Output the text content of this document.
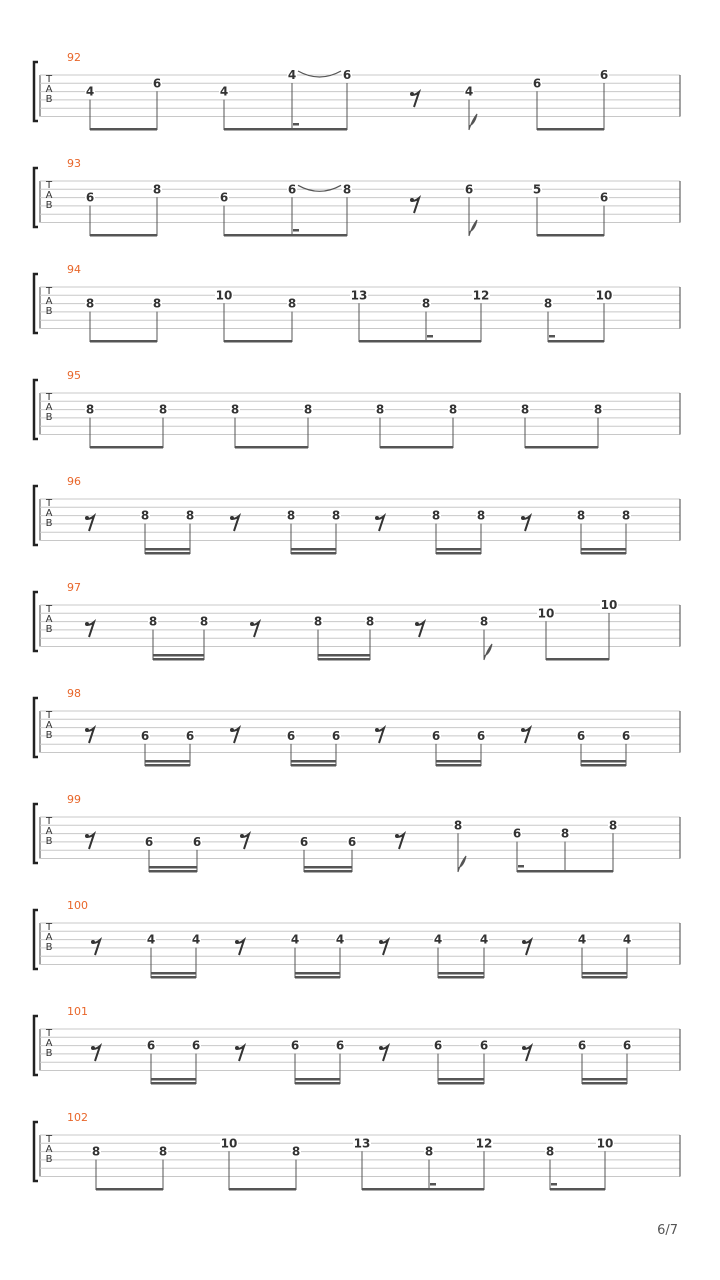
T
A
B
92
4
6
4
4	6
4
6
6
T
A
B
93
6
8
6
6	8	6	5
6
T
A
B
94
8	8
10
8
13
8
12
8
10
T
A
B
95
8	8	8	8	8	8	8	8
T
A
B
96
8	8	8	8	8	8	8	8
T
A
B
97
8	8	8	8	8
10
10
T
A
B
98
6	6	6	6	6	6	6	6
T
A
B
99
6	6	6	6
8
6	8
8
T
A
B
100
4	4	4	4	4	4	4	4
T
A
B
101
6	6	6	6	6	6	6	6
T
A
B
102
8	8
10
8
13
8
12
8
10
6/7
